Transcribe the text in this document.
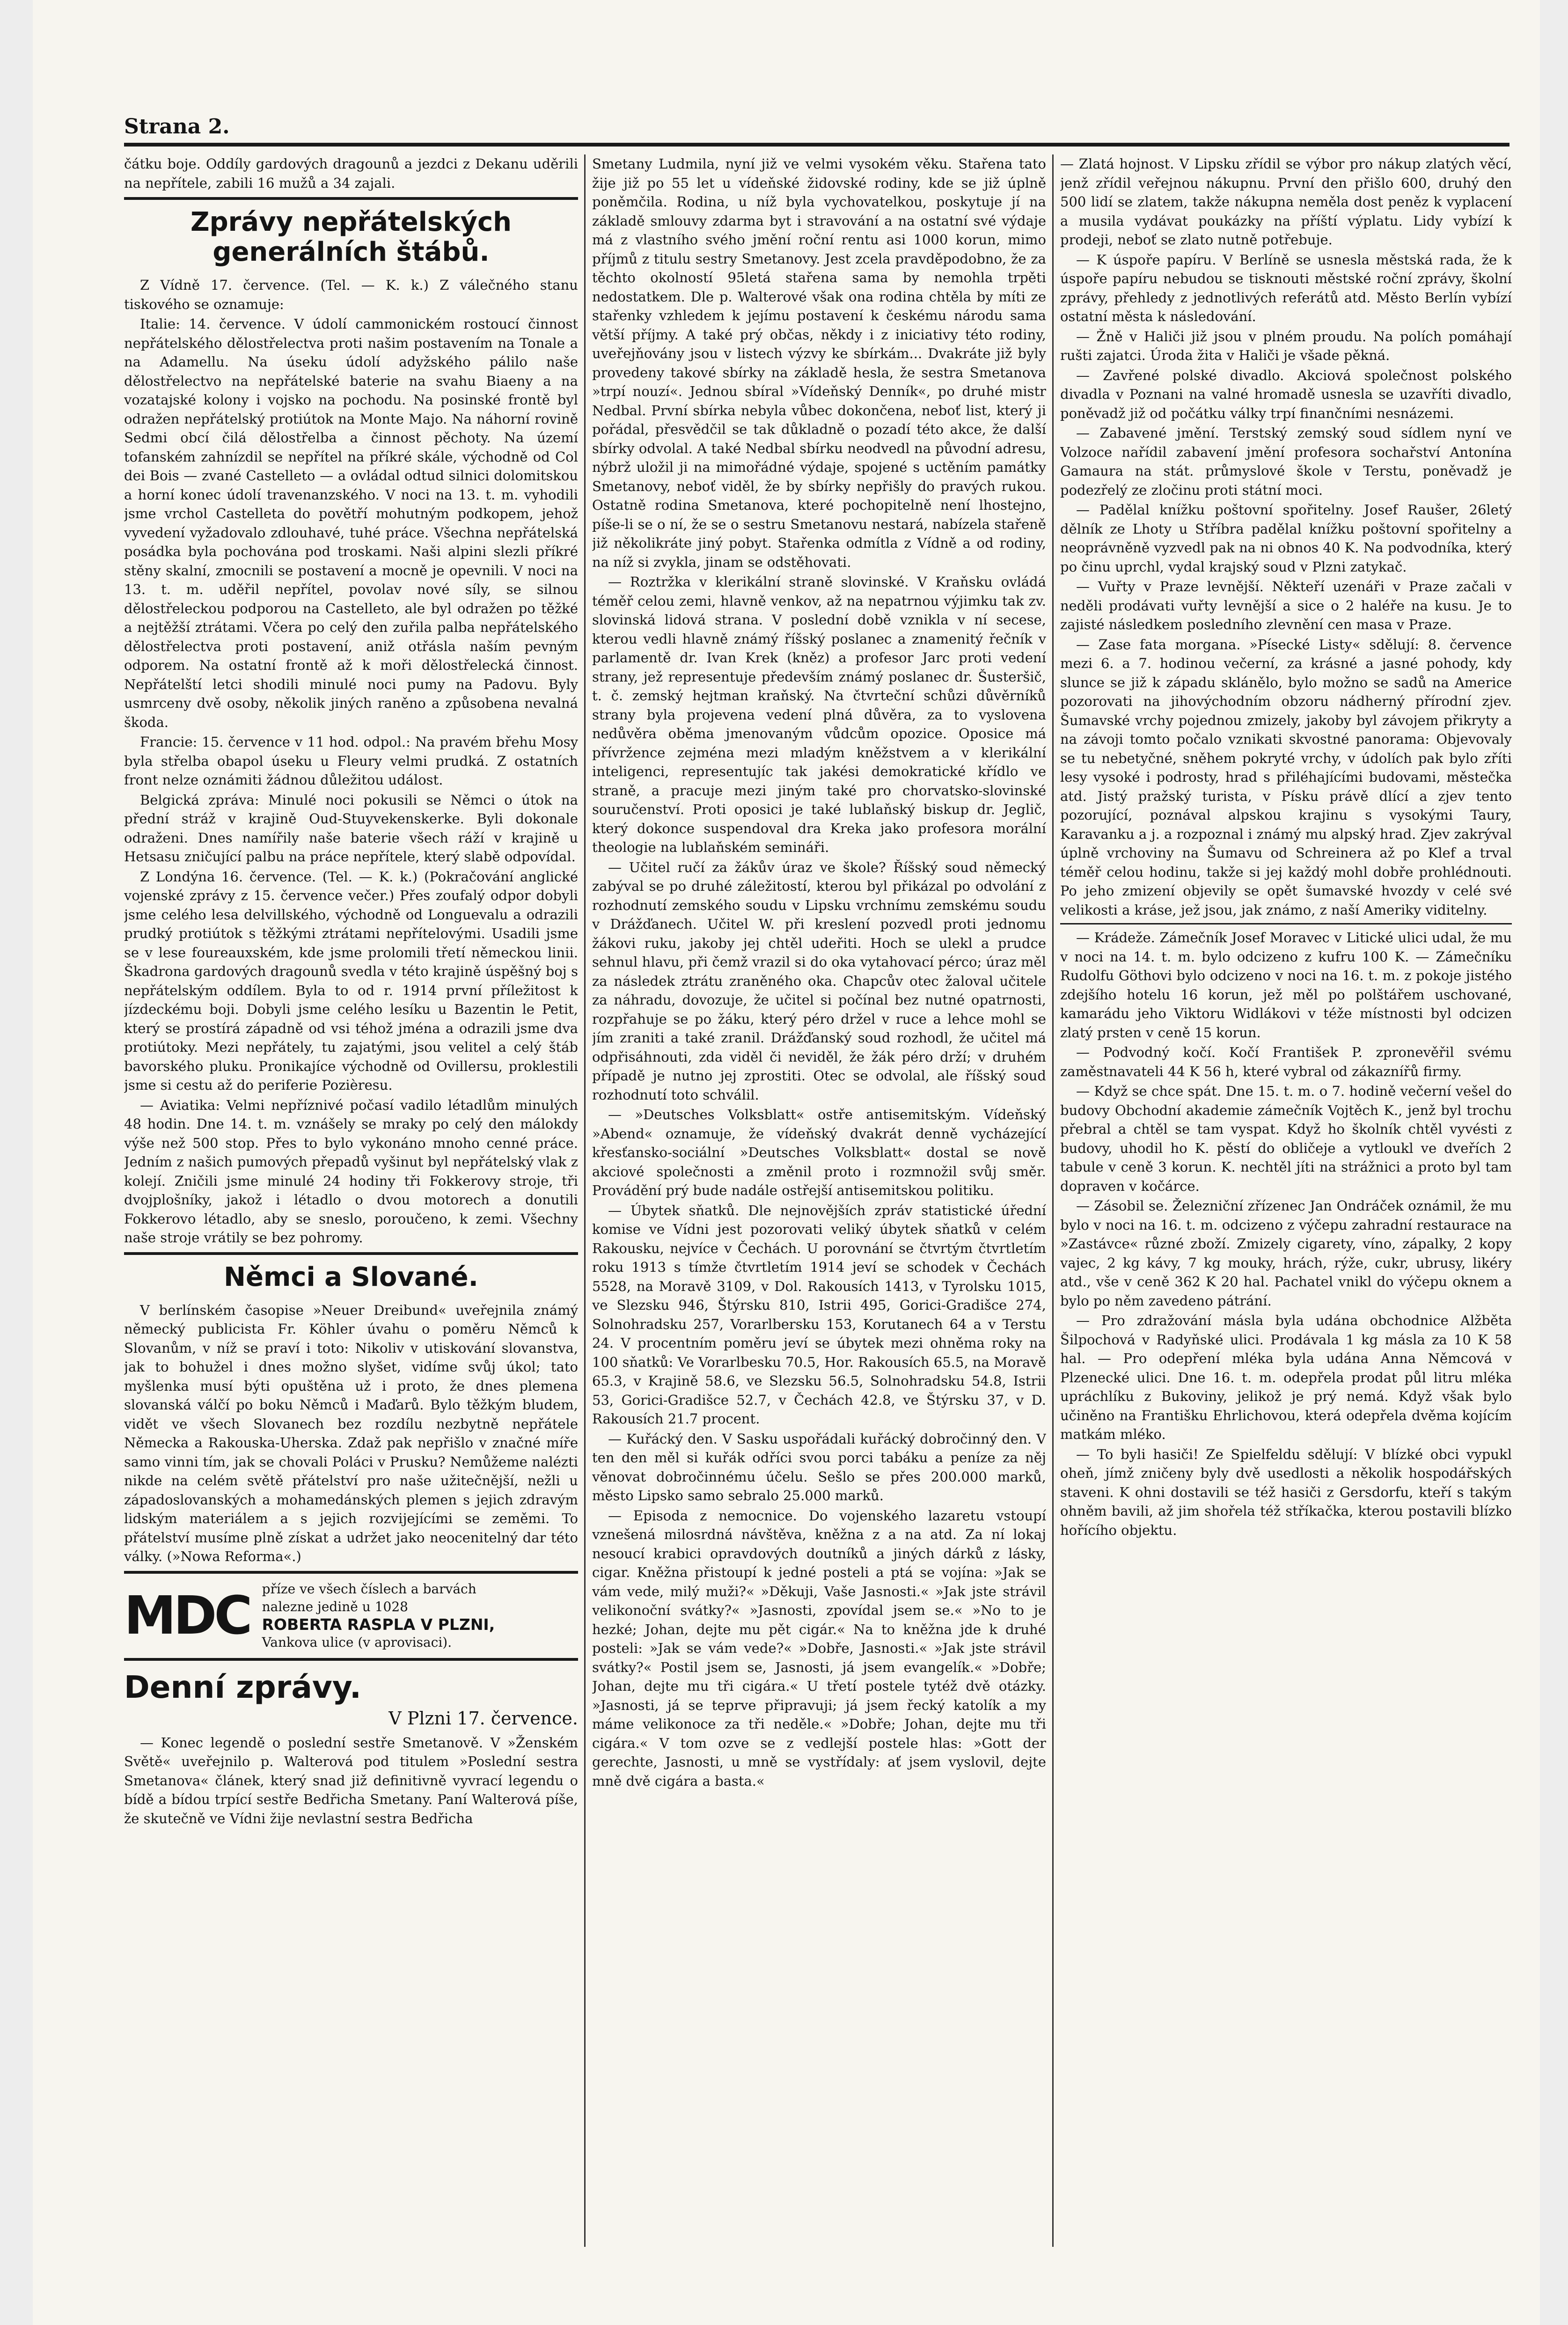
Strana 2.

čátku boje. Oddíly gardových dragounů a jezdci z Dekanu uděrili na nepřítele, zabili 16 mužů a 34 zajali.

Zprávy nepřátelských generálních štábů.

Z Vídně 17. července. (Tel. — K. k.) Z válečného stanu tiskového se oznamuje:

Italie: 14. července. V údolí cammonickém rostoucí činnost nepřátelského dělostřelectva proti našim postavením na Tonale a na Adamellu. Na úseku údolí adyžského pálilo naše dělostřelectvo na nepřátelské baterie na svahu Biaeny a na vozatajské kolony i vojsko na pochodu. Na posinské frontě byl odražen nepřátelský protiútok na Monte Majo. Na náhorní rovině Sedmi obcí čilá dělostřelba a činnost pěchoty. Na území tofanském zahnízdil se nepřítel na příkré skále, východně od Col dei Bois — zvané Castelleto — a ovládal odtud silnici dolomitskou a horní konec údolí travenanzského. V noci na 13. t. m. vyhodili jsme vrchol Castelleta do povětří mohutným podkopem, jehož vyvedení vyžadovalo zdlouhavé, tuhé práce. Všechna nepřátelská posádka byla pochována pod troskami. Naši alpini slezli příkré stěny skalní, zmocnili se postavení a mocně je opevnili. V noci na 13. t. m. uděřil nepřítel, povolav nové síly, se silnou dělostřeleckou podporou na Castelleto, ale byl odražen po těžké a nejtěžší ztrátami. Včera po celý den zuřila palba nepřátelského dělostřelectva proti postavení, aniž otřásla naším pevným odporem. Na ostatní frontě až k moři dělostřelecká činnost. Nepřátelští letci shodili minulé noci pumy na Padovu. Byly usmrceny dvě osoby, několik jiných raněno a způsobena nevalná škoda.

Francie: 15. července v 11 hod. odpol.: Na pravém břehu Mosy byla střelba obapol úseku u Fleury velmi prudká. Z ostatních front nelze oznámiti žádnou důležitou událost.

Belgická zpráva: Minulé noci pokusili se Němci o útok na přední stráž v krajině Oud-Stuyvekenskerke. Byli dokonale odraženi. Dnes namířily naše baterie všech ráží v krajině u Hetsasu zničující palbu na práce nepřítele, který slabě odpovídal.

Z Londýna 16. července. (Tel. — K. k.) (Pokračování anglické vojenské zprávy z 15. července večer.) Přes zoufalý odpor dobyli jsme celého lesa delvillského, východně od Longuevalu a odrazili prudký protiútok s těžkými ztrátami nepřítelovými. Usadili jsme se v lese foureauxském, kde jsme prolomili třetí německou linii. Škadrona gardových dragounů svedla v této krajině úspěšný boj s nepřátelským oddílem. Byla to od r. 1914 první příležitost k jízdeckému boji. Dobyli jsme celého lesíku u Bazentin le Petit, který se prostírá západně od vsi téhož jména a odrazili jsme dva protiútoky. Mezi nepřátely, tu zajatými, jsou velitel a celý štáb bavorského pluku. Pronikajíce východně od Ovillersu, proklestili jsme si cestu až do periferie Pozièresu.

— Aviatika: Velmi nepříznivé počasí vadilo létadlům minulých 48 hodin. Dne 14. t. m. vznášely se mraky po celý den málokdy výše než 500 stop. Přes to bylo vykonáno mnoho cenné práce. Jedním z našich pumových přepadů vyšinut byl nepřátelský vlak z kolejí. Zničili jsme minulé 24 hodiny tři Fokkerovy stroje, tři dvojplošníky, jakož i létadlo o dvou motorech a donutili Fokkerovo létadlo, aby se sneslo, poroučeno, k zemi. Všechny naše stroje vrátily se bez pohromy.

Němci a Slované.

V berlínském časopise »Neuer Dreibund« uveřejnila známý německý publicista Fr. Köhler úvahu o poměru Němců k Slovanům, v níž se praví i toto: Nikoliv v utiskování slovanstva, jak to bohužel i dnes možno slyšet, vidíme svůj úkol; tato myšlenka musí býti opuštěna už i proto, že dnes plemena slovanská válčí po boku Němců i Maďarů. Bylo těžkým bludem, vidět ve všech Slovanech bez rozdílu nezbytně nepřátele Německa a Rakouska-Uherska. Zdaž pak nepřišlo v značné míře samo vinni tím, jak se chovali Poláci v Prusku? Nemůžeme nalézti nikde na celém světě přátelství pro naše užitečnější, nežli u západoslovanských a mohamedánských plemen s jejich zdravým lidským materiálem a s jejich rozvijejícími se zeměmi. To přátelství musíme plně získat a udržet jako neocenitelný dar této války. (»Nowa Reforma«.)

MDC příze ve všech číslech a barvách
nalezne jedině u 1028
ROBERTA RASPLA V PLZNI,
Vankova ulice (v aprovisaci).
Denní zprávy.
V Plzni 17. července.

— Konec legendě o poslední sestře Smetanově. V »Ženském Světě« uveřejnilo p. Walterová pod titulem »Poslední sestra Smetanova« článek, který snad již definitivně vyvrací legendu o bídě a bídou trpící sestře Bedřicha Smetany. Paní Walterová píše, že skutečně ve Vídni žije nevlastní sestra Bedřicha

Smetany Ludmila, nyní již ve velmi vysokém věku. Stařena tato žije již po 55 let u vídeňské židovské rodiny, kde se již úplně poněmčila. Rodina, u níž byla vychovatelkou, poskytuje jí na základě smlouvy zdarma byt i stravování a na ostatní své výdaje má z vlastního svého jmění roční rentu asi 1000 korun, mimo příjmů z titulu sestry Smetanovy. Jest zcela pravděpodobno, že za těchto okolností 95letá stařena sama by nemohla trpěti nedostatkem. Dle p. Walterové však ona rodina chtěla by míti ze stařenky vzhledem k jejímu postavení k českému národu sama větší příjmy. A také prý občas, někdy i z iniciativy této rodiny, uveřejňovány jsou v listech výzvy ke sbírkám... Dvakráte již byly provedeny takové sbírky na základě hesla, že sestra Smetanova »trpí nouzí«. Jednou sbíral »Vídeňský Denník«, po druhé mistr Nedbal. První sbírka nebyla vůbec dokončena, neboť list, který ji pořádal, přesvědčil se tak důkladně o pozadí této akce, že další sbírky odvolal. A také Nedbal sbírku neodvedl na původní adresu, nýbrž uložil ji na mimořádné výdaje, spojené s uctěním památky Smetanovy, neboť viděl, že by sbírky nepřišly do pravých rukou. Ostatně rodina Smetanova, které pochopitelně není lhostejno, píše-li se o ní, že se o sestru Smetanovu nestará, nabízela stařeně již několikráte jiný pobyt. Stařenka odmítla z Vídně a od rodiny, na níž si zvykla, jinam se odstěhovati.

— Roztržka v klerikální straně slovinské. V Kraňsku ovládá téměř celou zemi, hlavně venkov, až na nepatrnou výjimku tak zv. slovinská lidová strana. V poslední době vznikla v ní secese, kterou vedli hlavně známý říšský poslanec a znamenitý řečník v parlamentě dr. Ivan Krek (kněz) a profesor Jarc proti vedení strany, jež representuje především známý poslanec dr. Šusteršič, t. č. zemský hejtman kraňský. Na čtvrteční schůzi důvěrníků strany byla projevena vedení plná důvěra, za to vyslovena nedůvěra oběma jmenovaným vůdcům opozice. Oposice má přívržence zejména mezi mladým kněžstvem a v klerikální inteligenci, representujíc tak jakési demokratické křídlo ve straně, a pracuje mezi jiným také pro chorvatsko-slovinské souručenství. Proti oposici je také lublaňský biskup dr. Jeglič, který dokonce suspendoval dra Kreka jako profesora morální theologie na lublaňském semináři.

— Učitel ručí za žákův úraz ve škole? Říšský soud německý zabýval se po druhé záležitostí, kterou byl přikázal po odvolání z rozhodnutí zemského soudu v Lipsku vrchnímu zemskému soudu v Drážďanech. Učitel W. při kreslení pozvedl proti jednomu žákovi ruku, jakoby jej chtěl udeřiti. Hoch se ulekl a prudce sehnul hlavu, při čemž vrazil si do oka vytahovací pérco; úraz měl za následek ztrátu zraněného oka. Chapcův otec žaloval učitele za náhradu, dovozuje, že učitel si počínal bez nutné opatrnosti, rozpřahuje se po žáku, který péro držel v ruce a lehce mohl se jím zraniti a také zranil. Drážďanský soud rozhodl, že učitel má odpřisáhnouti, zda viděl či neviděl, že žák péro drží; v druhém případě je nutno jej zprostiti. Otec se odvolal, ale říšský soud rozhodnutí toto schválil.

— »Deutsches Volksblatt« ostře antisemitským. Vídeňský »Abend« oznamuje, že vídeňský dvakrát denně vycházející křesťansko-sociální »Deutsches Volksblatt« dostal se nově akciové společnosti a změnil proto i rozmnožil svůj směr. Provádění prý bude nadále ostřejší antisemitskou politiku.

— Úbytek sňatků. Dle nejnovějších zpráv statistické úřední komise ve Vídni jest pozorovati veliký úbytek sňatků v celém Rakousku, nejvíce v Čechách. U porovnání se čtvrtým čtvrtletím roku 1913 s tímže čtvrtletím 1914 jeví se schodek v Čechách 5528, na Moravě 3109, v Dol. Rakousích 1413, v Tyrolsku 1015, ve Slezsku 946, Štýrsku 810, Istrii 495, Gorici-Gradišce 274, Solnohradsku 257, Vorarlbersku 153, Korutanech 64 a v Terstu 24. V procentním poměru jeví se úbytek mezi ohněma roky na 100 sňatků: Ve Vorarlbesku 70.5, Hor. Rakousích 65.5, na Moravě 65.3, v Krajině 58.6, ve Slezsku 56.5, Solnohradsku 54.8, Istrii 53, Gorici-Gradišce 52.7, v Čechách 42.8, ve Štýrsku 37, v D. Rakousích 21.7 procent.

— Kuřácký den. V Sasku uspořádali kuřácký dobročinný den. V ten den měl si kuřák odříci svou porci tabáku a peníze za něj věnovat dobročinnému účelu. Sešlo se přes 200.000 marků, město Lipsko samo sebralo 25.000 marků.

— Episoda z nemocnice. Do vojenského lazaretu vstoupí vznešená milosrdná návštěva, kněžna z a na atd. Za ní lokaj nesoucí krabici opravdových doutníků a jiných dárků z lásky, cigar. Kněžna přistoupí k jedné posteli a ptá se vojína: »Jak se vám vede, milý muži?« »Děkuji, Vaše Jasnosti.« »Jak jste strávil velikonoční svátky?« »Jasnosti, zpovídal jsem se.« »No to je hezké; Johan, dejte mu pět cigár.« Na to kněžna jde k druhé posteli: »Jak se vám vede?« »Dobře, Jasnosti.« »Jak jste strávil svátky?« Postil jsem se, Jasnosti, já jsem evangelík.« »Dobře; Johan, dejte mu tři cigára.« U třetí postele tytéž dvě otázky. »Jasnosti, já se teprve připravuji; já jsem řecký katolík a my máme velikonoce za tři neděle.« »Dobře; Johan, dejte mu tři cigára.« V tom ozve se z vedlejší postele hlas: »Gott der gerechte, Jasnosti, u mně se vystřídaly: ať jsem vyslovil, dejte mně dvě cigára a basta.«

— Zlatá hojnost. V Lipsku zřídil se výbor pro nákup zlatých věcí, jenž zřídil veřejnou nákupnu. První den přišlo 600, druhý den 500 lidí se zlatem, takže nákupna neměla dost peněz k vyplacení a musila vydávat poukázky na příští výplatu. Lidy vybízí k prodeji, neboť se zlato nutně potřebuje.

— K úspoře papíru. V Berlíně se usnesla městská rada, že k úspoře papíru nebudou se tisknouti městské roční zprávy, školní zprávy, přehledy z jednotlivých referátů atd. Město Berlín vybízí ostatní města k následování.

— Žně v Haliči již jsou v plném proudu. Na polích pomáhají rušti zajatci. Úroda žita v Haliči je všade pěkná.

— Zavřené polské divadlo. Akciová společnost polského divadla v Poznani na valné hromadě usnesla se uzavříti divadlo, poněvadž již od počátku války trpí finančními nesnázemi.

— Zabavené jmění. Terstský zemský soud sídlem nyní ve Volzoce nařídil zabavení jmění profesora sochařství Antonína Gamaura na stát. průmyslové škole v Terstu, poněvadž je podezřelý ze zločinu proti státní moci.

— Padělal knížku poštovní spořitelny. Josef Raušer, 26letý dělník ze Lhoty u Stříbra padělal knížku poštovní spořitelny a neoprávněně vyzvedl pak na ni obnos 40 K. Na podvodníka, který po činu uprchl, vydal krajský soud v Plzni zatykač.

— Vuřty v Praze levnější. Někteří uzenáři v Praze začali v neděli prodávati vuřty levnější a sice o 2 haléře na kusu. Je to zajisté následkem posledního zlevnění cen masa v Praze.

— Zase fata morgana. »Písecké Listy« sdělují: 8. července mezi 6. a 7. hodinou večerní, za krásné a jasné pohody, kdy slunce se již k západu sklánělo, bylo možno se sadů na Americe pozorovati na jihovýchodním obzoru nádherný přírodní zjev. Šumavské vrchy pojednou zmizely, jakoby byl závojem přikryty a na závoji tomto počalo vznikati skvostné panorama: Objevovaly se tu nebetyčné, sněhem pokryté vrchy, v údolích pak bylo zříti lesy vysoké i podrosty, hrad s přiléhajícími budovami, městečka atd. Jistý pražský turista, v Písku právě dlící a zjev tento pozorující, poznával alpskou krajinu s vysokými Taury, Karavanku a j. a rozpoznal i známý mu alpský hrad. Zjev zakrýval úplně vrchoviny na Šumavu od Schreinera až po Klef a trval téměř celou hodinu, takže si jej každý mohl dobře prohlédnouti. Po jeho zmizení objevily se opět šumavské hvozdy v celé své velikosti a kráse, jež jsou, jak známo, z naší Ameriky viditelny.

— Krádeže. Zámečník Josef Moravec v Litické ulici udal, že mu v noci na 14. t. m. bylo odcizeno z kufru 100 K. — Zámečníku Rudolfu Göthovi bylo odcizeno v noci na 16. t. m. z pokoje jistého zdejšího hotelu 16 korun, jež měl po polštářem uschované, kamarádu jeho Viktoru Widlákovi v téže místnosti byl odcizen zlatý prsten v ceně 15 korun.

— Podvodný kočí. Kočí František P. zpronevěřil svému zaměstnavateli 44 K 56 h, které vybral od zákaznířů firmy.

— Když se chce spát. Dne 15. t. m. o 7. hodině večerní vešel do budovy Obchodní akademie zámečník Vojtěch K., jenž byl trochu přebral a chtěl se tam vyspat. Když ho školník chtěl vyvésti z budovy, uhodil ho K. pěstí do obličeje a vytloukl ve dveřích 2 tabule v ceně 3 korun. K. nechtěl jíti na strážnici a proto byl tam dopraven v kočárce.

— Zásobil se. Železniční zřízenec Jan Ondráček oznámil, že mu bylo v noci na 16. t. m. odcizeno z výčepu zahradní restaurace na »Zastávce« různé zboží. Zmizely cigarety, víno, zápalky, 2 kopy vajec, 2 kg kávy, 7 kg mouky, hrách, rýže, cukr, ubrusy, likéry atd., vše v ceně 362 K 20 hal. Pachatel vnikl do výčepu oknem a bylo po něm zavedeno pátrání.

— Pro zdražování másla byla udána obchodnice Alžběta Šilpochová v Radyňské ulici. Prodávala 1 kg másla za 10 K 58 hal. — Pro odepření mléka byla udána Anna Němcová v Plzenecké ulici. Dne 16. t. m. odepřela prodat půl litru mléka upráchlíku z Bukoviny, jelikož je prý nemá. Když však bylo učiněno na Františku Ehrlichovou, která odepřela dvěma kojícím matkám mléko.

— To byli hasiči! Ze Spielfeldu sdělují: V blízké obci vypukl oheň, jímž zničeny byly dvě usedlosti a několik hospodářských staveni. K ohni dostavili se též hasiči z Gersdorfu, kteří s takým ohněm bavili, až jim shořela též stříkačka, kterou postavili blízko hořícího objektu.
